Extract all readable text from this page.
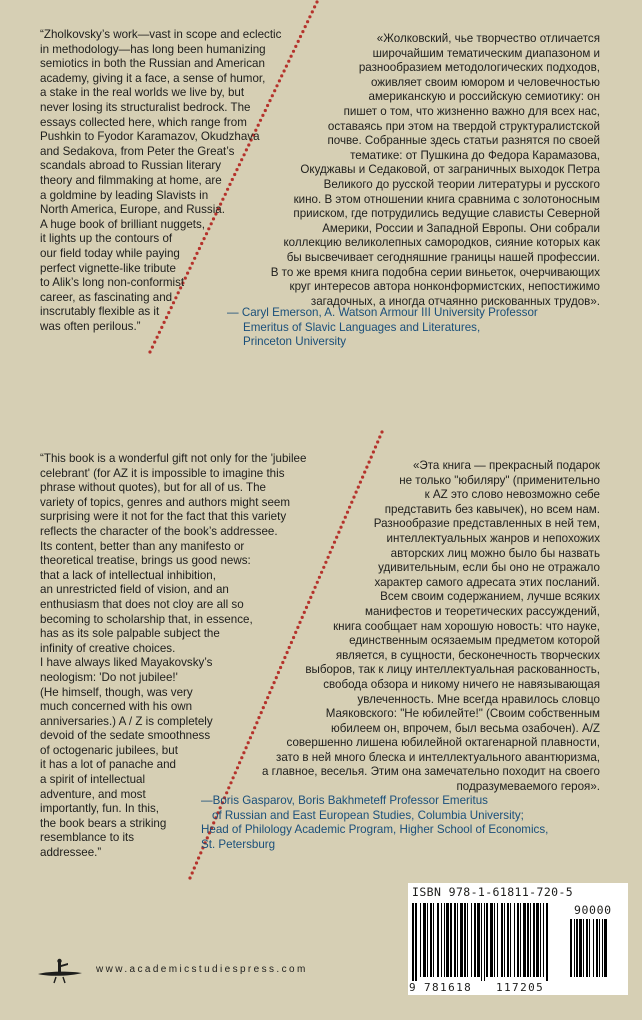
“Zholkovsky’s work—vast in scope and eclectic
in methodology—has long been humanizing
semiotics in both the Russian and American
academy, giving it a face, a sense of humor,
a stake in the real worlds we live by, but
never losing its structuralist bedrock. The
essays collected here, which range from
Pushkin to Fyodor Karamazov, Okudzhava
and Sedakova, from Peter the Great’s
scandals abroad to Russian literary
theory and filmmaking at home, are
a goldmine by leading Slavists in
North America, Europe, and Russia.
A huge book of brilliant nuggets,
it lights up the contours of
our field today while paying
perfect vignette-like tribute
to Alik’s long non-conformist
career, as fascinating and
inscrutably flexible as it
was often perilous.”
«Жолковский, чье творчество отличается
широчайшим тематическим диапазоном и
разнообразием методологических подходов,
оживляет своим юмором и человечностью
американскую и российскую семиотику: он
пишет о том, что жизненно важно для всех нас,
оставаясь при этом на твердой структуралистской
почве. Собранные здесь статьи разнятся по своей
тематике: от Пушкина до Федора Карамазова,
Окуджавы и Седаковой, от заграничных выходок Петра
Великого до русской теории литературы и русского
кино. В этом отношении книга сравнима с золотоносным
прииском, где потрудились ведущие слависты Северной
Америки, России и Западной Европы. Они собрали
коллекцию великолепных самородков, сияние которых как
бы высвечивает сегодняшние границы нашей профессии.
В то же время книга подобна серии виньеток, очерчивающих
круг интересов автора нонконформистских, непостижимо
загадочных, а иногда отчаянно рискованных трудов».
— Caryl Emerson, A. Watson Armour III University Professor
Emeritus of Slavic Languages and Literatures,
Princeton University
“This book is a wonderful gift not only for the 'jubilee
celebrant' (for AZ it is impossible to imagine this
phrase without quotes), but for all of us. The
variety of topics, genres and authors might seem
surprising were it not for the fact that this variety
reflects the character of the book’s addressee.
Its content, better than any manifesto or
theoretical treatise, brings us good news:
that a lack of intellectual inhibition,
an unrestricted field of vision, and an
enthusiasm that does not cloy are all so
becoming to scholarship that, in essence,
has as its sole palpable subject the
infinity of creative choices.
I have always liked Mayakovsky’s
neologism: 'Do not jubilee!'
(He himself, though, was very
much concerned with his own
anniversaries.) A / Z is completely
devoid of the sedate smoothness
of octogenaric jubilees, but
it has a lot of panache and
a spirit of intellectual
adventure, and most
importantly, fun. In this,
the book bears a striking
resemblance to its
addressee.”
«Эта книга — прекрасный подарок
не только "юбиляру" (применительно
к AZ это слово невозможно себе
представить без кавычек), но всем нам.
Разнообразие представленных в ней тем,
интеллектуальных жанров и непохожих
авторских лиц можно было бы назвать
удивительным, если бы оно не отражало
характер самого адресата этих посланий.
Всем своим содержанием, лучше всяких
манифестов и теоретических рассуждений,
книга сообщает нам хорошую новость: что науке,
единственным осязаемым предметом которой
является, в сущности, бесконечность творческих
выборов, так к лицу интеллектуальная раскованность,
свобода обзора и никому ничего не навязывающая
увлеченность. Мне всегда нравилось словцо
Маяковского: "Не юбилейте!" (Своим собственным
юбилеем он, впрочем, был весьма озабочен). A/Z
совершенно лишена юбилейной октагенарной плавности,
зато в ней много блеска и интеллектуального авантюризма,
а главное, веселья. Этим она замечательно походит на своего
подразумеваемого героя».
—Boris Gasparov, Boris Bakhmeteff Professor Emeritus
of Russian and East European Studies, Columbia University;
Head of Philology Academic Program, Higher School of Economics,
St. Petersburg
ISBN 978-1-61811-720-5
90000
9 781618 117205
www.academicstudiespress.com
